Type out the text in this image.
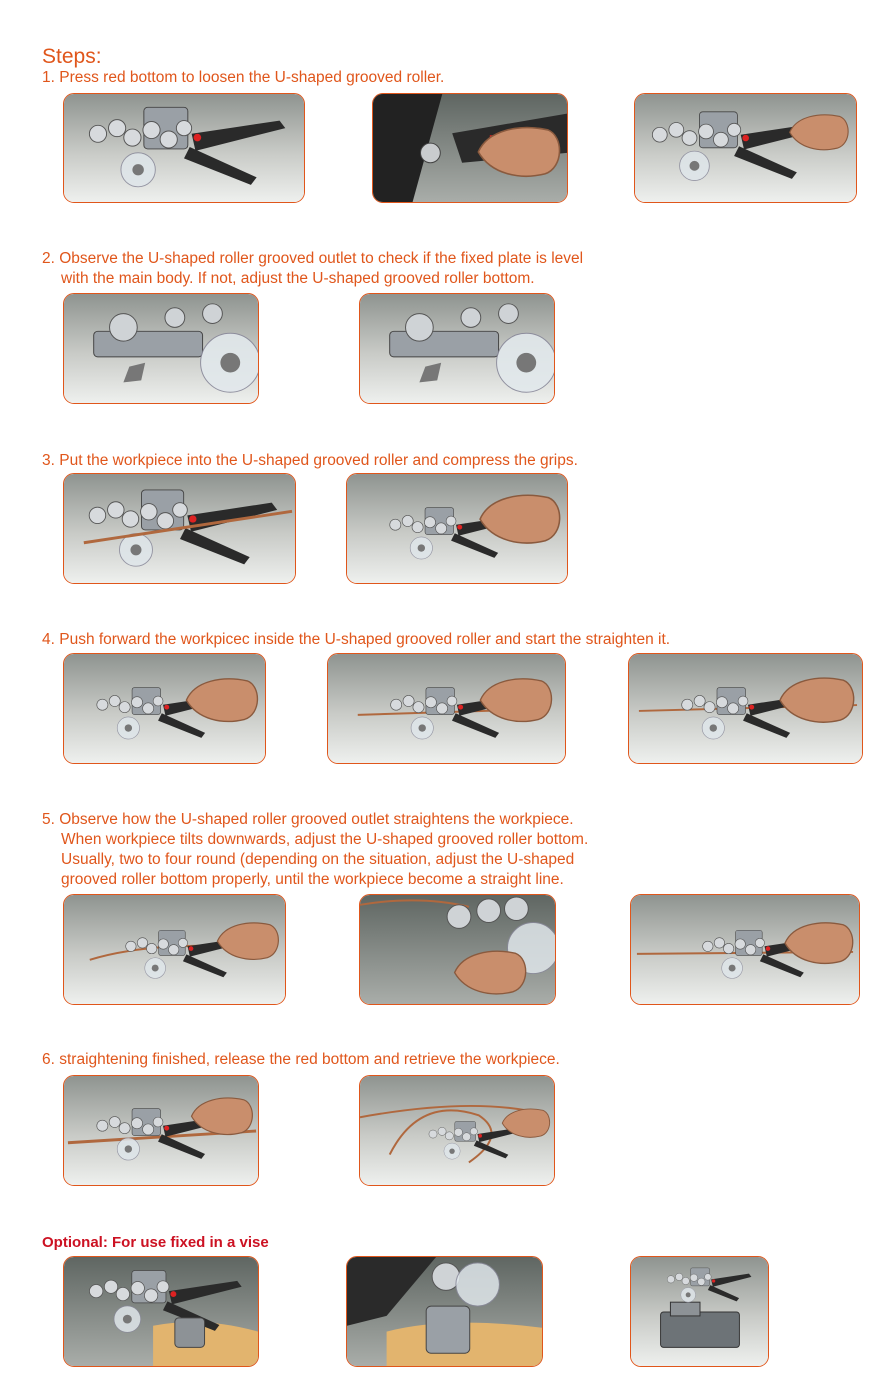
Steps:
1. Press red bottom to loosen the U-shaped grooved roller.
2. Observe the U-shaped roller grooved outlet to check if the fixed plate is level
with the main body. If not, adjust the U-shaped grooved roller bottom.
3. Put the workpiece into the U-shaped grooved roller and compress the grips.
4. Push forward the workpicec inside the U-shaped grooved roller and start the straighten it.
5. Observe how the U-shaped roller grooved outlet straightens the workpiece.
When workpiece tilts downwards, adjust the U-shaped grooved roller bottom.
Usually, two to four round (depending on the situation, adjust the U-shaped
grooved roller bottom properly, until the workpiece become a straight line.
6. straightening finished, release the red bottom and retrieve the workpiece.
Optional: For use fixed in a vise
